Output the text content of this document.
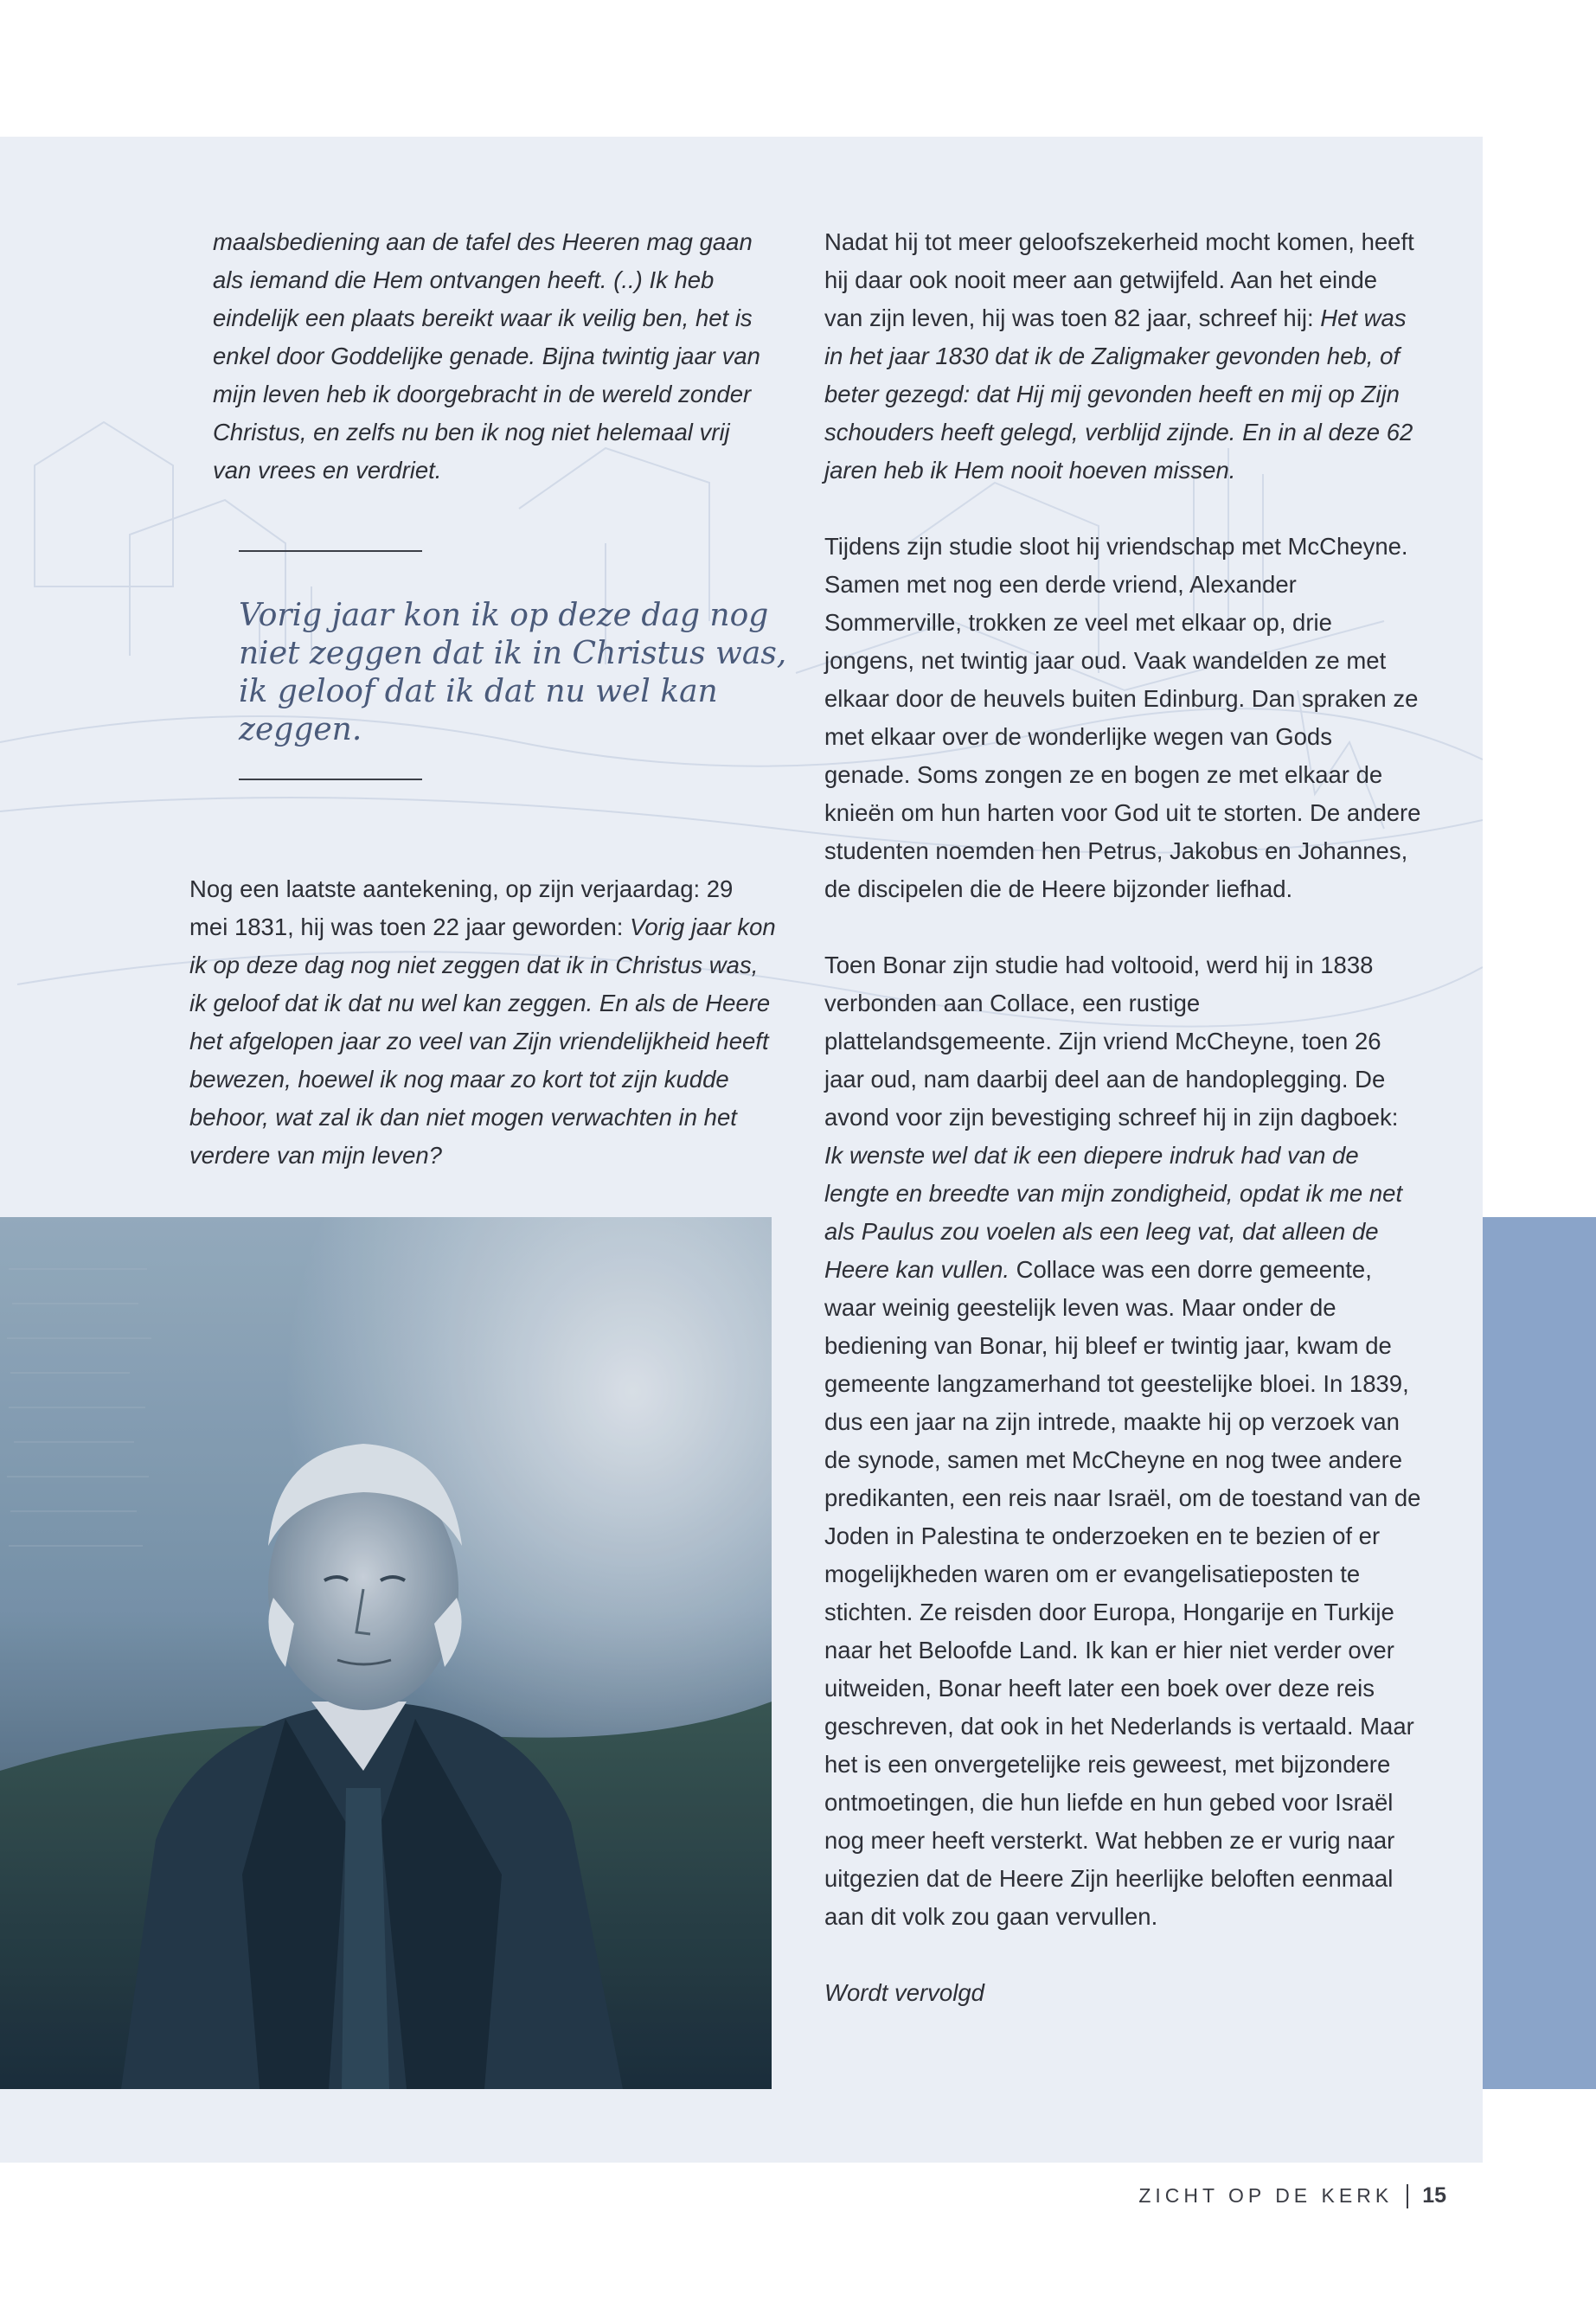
maalsbediening aan de tafel des Heeren mag gaan

als iemand die Hem ontvangen heeft. (..) Ik heb

eindelijk een plaats bereikt waar ik veilig ben, het is

enkel door Goddelijke genade. Bijna twintig jaar van

mijn leven heb ik doorgebracht in de wereld zonder

Christus, en zelfs nu ben ik nog niet helemaal vrij

van vrees en verdriet.

Vorig jaar kon ik op deze dag nog niet zeggen dat ik in Christus was, ik geloof dat ik dat nu wel kan zeggen.

Nog een laatste aantekening, op zijn verjaardag: 29 mei 1831, hij was toen 22 jaar geworden: Vorig jaar kon ik op deze dag nog niet zeggen dat ik in Christus was, ik geloof dat ik dat nu wel kan zeggen. En als de Heere het afgelopen jaar zo veel van Zijn vriendelijkheid heeft bewezen, hoewel ik nog maar zo kort tot zijn kudde behoor, wat zal ik dan niet mogen verwachten in het verdere van mijn leven?

Nadat hij tot meer geloofszekerheid mocht komen, heeft hij daar ook nooit meer aan getwijfeld. Aan het einde van zijn leven, hij was toen 82 jaar, schreef hij: Het was in het jaar 1830 dat ik de Zaligmaker gevonden heb, of beter gezegd: dat Hij mij gevonden heeft en mij op Zijn schouders heeft gelegd, verblijd zijnde. En in al deze 62 jaren heb ik Hem nooit hoeven missen.

Tijdens zijn studie sloot hij vriendschap met McCheyne. Samen met nog een derde vriend, Alexander Sommerville, trokken ze veel met elkaar op, drie jongens, net twintig jaar oud. Vaak wandelden ze met elkaar door de heuvels buiten Edinburg. Dan spraken ze met elkaar over de wonderlijke wegen van Gods genade. Soms zongen ze en bogen ze met elkaar de knieën om hun harten voor God uit te storten. De andere studenten noemden hen Petrus, Jakobus en Johannes, de discipelen die de Heere bijzonder liefhad.

Toen Bonar zijn studie had voltooid, werd hij in 1838 verbonden aan Collace, een rustige plattelandsgemeente. Zijn vriend McCheyne, toen 26 jaar oud, nam daarbij deel aan de handoplegging. De avond voor zijn bevestiging schreef hij in zijn dagboek: Ik wenste wel dat ik een diepere indruk had van de lengte en breedte van mijn zondigheid, opdat ik me net als Paulus zou voelen als een leeg vat, dat alleen de Heere kan vullen. Collace was een dorre gemeente, waar weinig geestelijk leven was. Maar onder de bediening van Bonar, hij bleef er twintig jaar, kwam de gemeente langzamerhand tot geestelijke bloei. In 1839, dus een jaar na zijn intrede, maakte hij op verzoek van de synode, samen met McCheyne en nog twee andere predikanten, een reis naar Israël, om de toestand van de Joden in Palestina te onderzoeken en te bezien of er mogelijkheden waren om er evangelisatieposten te stichten. Ze reisden door Europa, Hongarije en Turkije naar het Beloofde Land. Ik kan er hier niet verder over uitweiden, Bonar heeft later een boek over deze reis geschreven, dat ook in het Nederlands is vertaald. Maar het is een onvergetelijke reis geweest, met bijzondere ontmoetingen, die hun liefde en hun gebed voor Israël nog meer heeft versterkt. Wat hebben ze er vurig naar uitgezien dat de Heere Zijn heerlijke beloften eenmaal aan dit volk zou gaan vervullen.

Wordt vervolgd

ZICHT OP DE KERK 15
